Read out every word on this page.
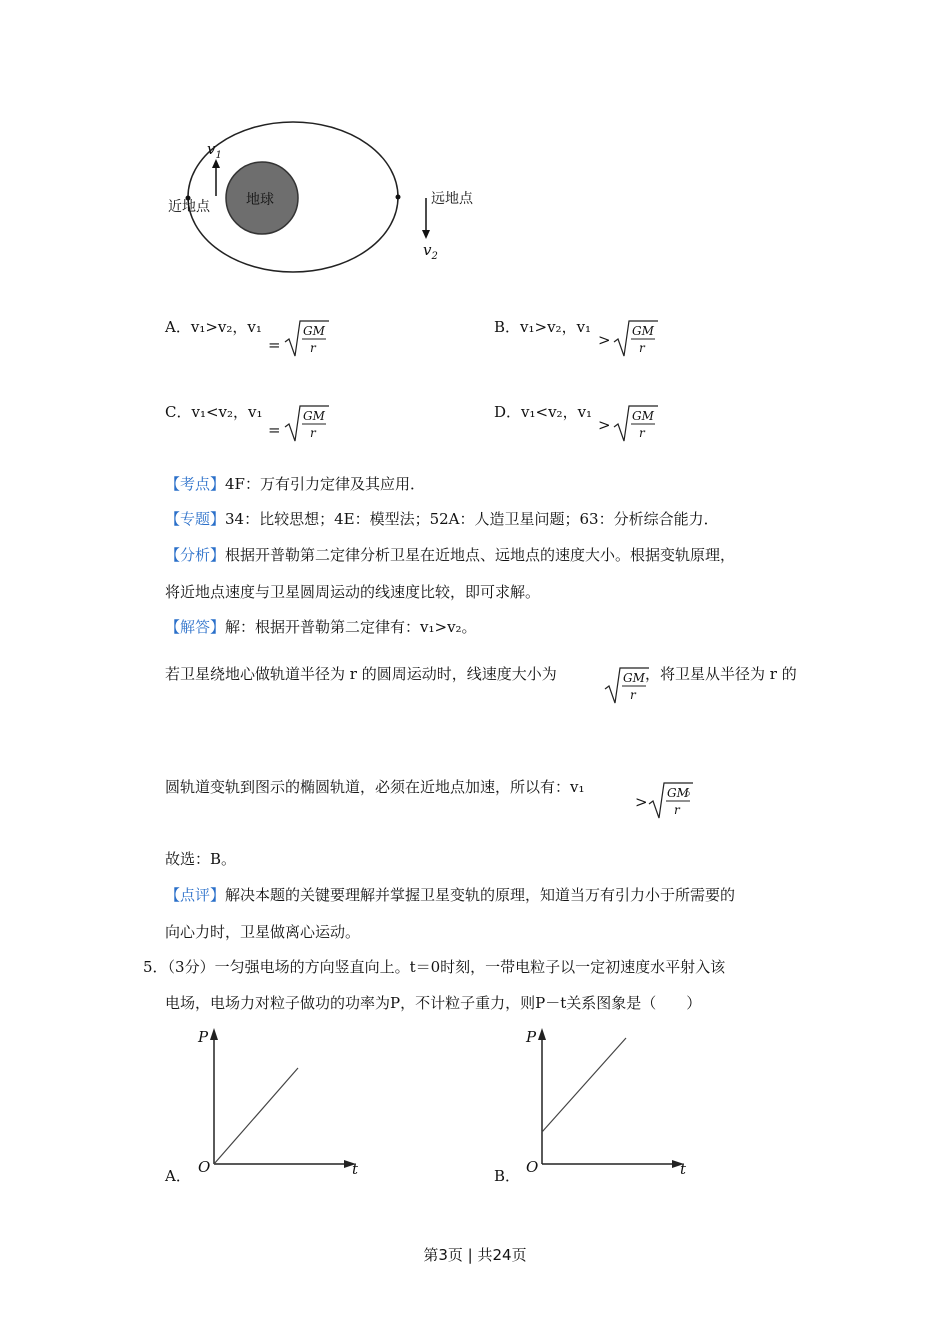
地球
近地点	远地点
$v_1$
$v_2$
A．v₁>v₂，v₁
=
GM
r
B．v₁>v₂，v₁
> GM
r
C．v₁<v₂，v₁
=
GM
r
D．v₁<v₂，v₁
> GM
r
【考点】4F：万有引力定律及其应用．
【专题】34：比较思想；4E：模型法；52A：人造卫星问题；63：分析综合能力．
【分析】根据开普勒第二定律分析卫星在近地点、远地点的速度大小。根据变轨原理，
将近地点速度与卫星圆周运动的线速度比较，即可求解。
【解答】解：根据开普勒第二定律有：v₁>v₂。
若卫星绕地心做轨道半径为 r 的圆周运动时，线速度大小为	GM
r
，将卫星从半径为 r 的
圆轨道变轨到图示的椭圆轨道，必须在近地点加速，所以有：v₁
> GM
r
。
故选：B。
【点评】解决本题的关键要理解并掌握卫星变轨的原理，知道当万有引力小于所需要的
向心力时，卫星做离心运动。
5．（3分）一匀强电场的方向竖直向上。t＝0时刻，一带电粒子以一定初速度水平射入该
电场，电场力对粒子做功的功率为P，不计粒子重力，则P－t关系图象是（　　）
P
t
O
A．
P
t
O
B．
第3页 | 共24页
